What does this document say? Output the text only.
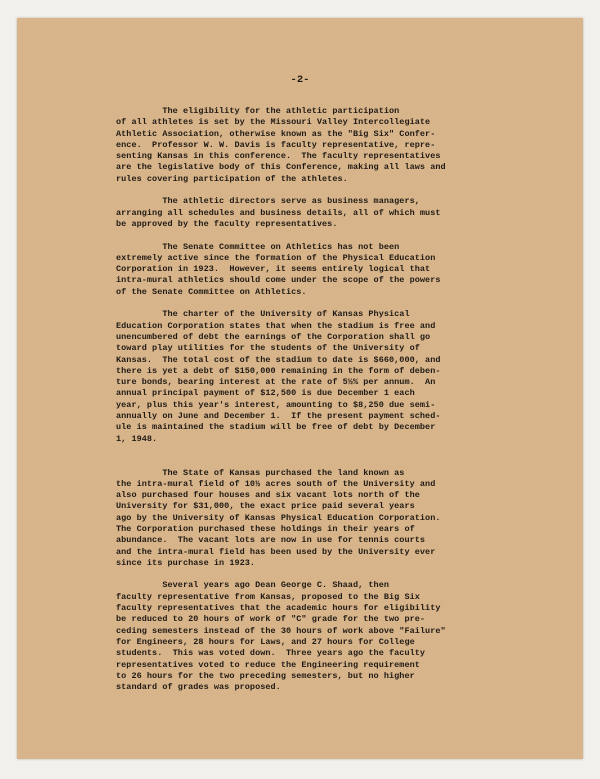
-2-
The eligibility for the athletic participation
of all athletes is set by the Missouri Valley Intercollegiate
Athletic Association, otherwise known as the "Big Six" Confer-
ence.  Professor W. W. Davis is faculty representative, repre-
senting Kansas in this conference.  The faculty representatives
are the legislative body of this Conference, making all laws and
rules covering participation of the athletes.
The athletic directors serve as business managers,
arranging all schedules and business details, all of which must
be approved by the faculty representatives.
The Senate Committee on Athletics has not been
extremely active since the formation of the Physical Education
Corporation in 1923.  However, it seems entirely logical that
intra-mural athletics should come under the scope of the powers
of the Senate Committee on Athletics.
The charter of the University of Kansas Physical
Education Corporation states that when the stadium is free and
unencumbered of debt the earnings of the Corporation shall go
toward play utilities for the students of the University of
Kansas.  The total cost of the stadium to date is $660,000, and
there is yet a debt of $150,000 remaining in the form of deben-
ture bonds, bearing interest at the rate of 5½% per annum.  An
annual principal payment of $12,500 is due December 1 each
year, plus this year's interest, amounting to $8,250 due semi-
annually on June and December 1.  If the present payment sched-
ule is maintained the stadium will be free of debt by December
1, 1948.
The State of Kansas purchased the land known as
the intra-mural field of 10½ acres south of the University and
also purchased four houses and six vacant lots north of the
University for $31,000, the exact price paid several years
ago by the University of Kansas Physical Education Corporation.
The Corporation purchased these holdings in their years of
abundance.  The vacant lots are now in use for tennis courts
and the intra-mural field has been used by the University ever
since its purchase in 1923.
Several years ago Dean George C. Shaad, then
faculty representative from Kansas, proposed to the Big Six
faculty representatives that the academic hours for eligibility
be reduced to 20 hours of work of "C" grade for the two pre-
ceding semesters instead of the 30 hours of work above "Failure"
for Engineers, 28 hours for Laws, and 27 hours for College
students.  This was voted down.  Three years ago the faculty
representatives voted to reduce the Engineering requirement
to 26 hours for the two preceding semesters, but no higher
standard of grades was proposed.
